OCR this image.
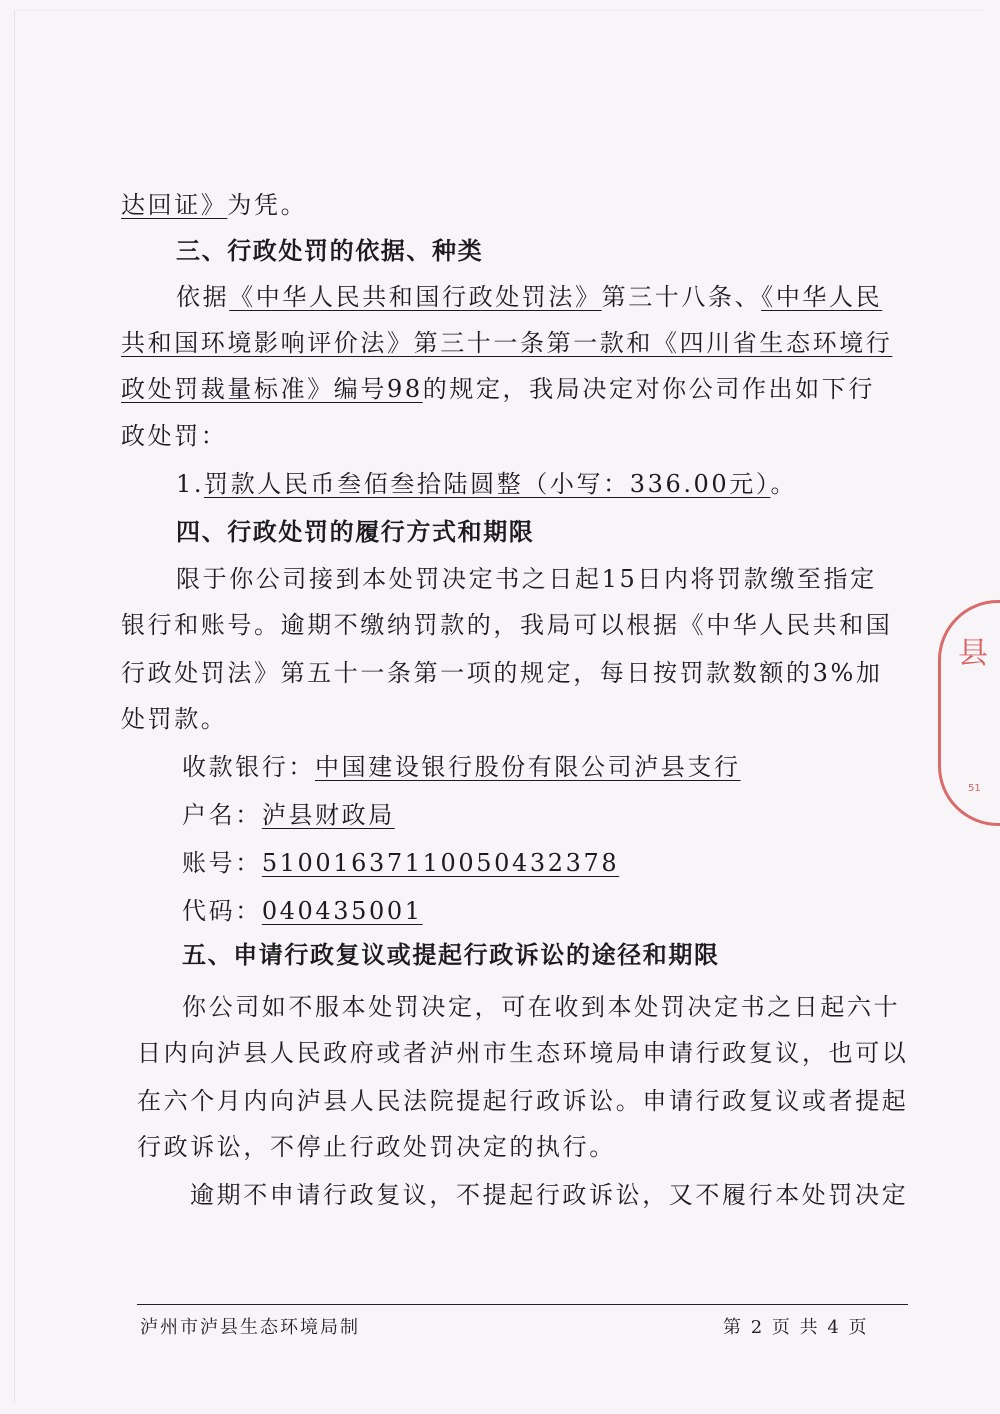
达回证》为凭。
三、行政处罚的依据、种类
依据《中华人民共和国行政处罚法》第三十八条、《中华人民
共和国环境影响评价法》第三十一条第一款和《四川省生态环境行
政处罚裁量标准》编号98的规定，我局决定对你公司作出如下行
政处罚：
1.罚款人民币叁佰叁拾陆圆整（小写：336.00元）。
四、行政处罚的履行方式和期限
限于你公司接到本处罚决定书之日起15日内将罚款缴至指定
银行和账号。逾期不缴纳罚款的，我局可以根据《中华人民共和国
行政处罚法》第五十一条第一项的规定，每日按罚款数额的3%加
处罚款。
收款银行：中国建设银行股份有限公司泸县支行
户名：泸县财政局
账号：51001637110050432378
代码：040435001
五、申请行政复议或提起行政诉讼的途径和期限
你公司如不服本处罚决定，可在收到本处罚决定书之日起六十
日内向泸县人民政府或者泸州市生态环境局申请行政复议，也可以
在六个月内向泸县人民法院提起行政诉讼。申请行政复议或者提起
行政诉讼，不停止行政处罚决定的执行。
逾期不申请行政复议，不提起行政诉讼，又不履行本处罚决定
泸州市泸县生态环境局制	第 2 页 共 4 页
县
51
